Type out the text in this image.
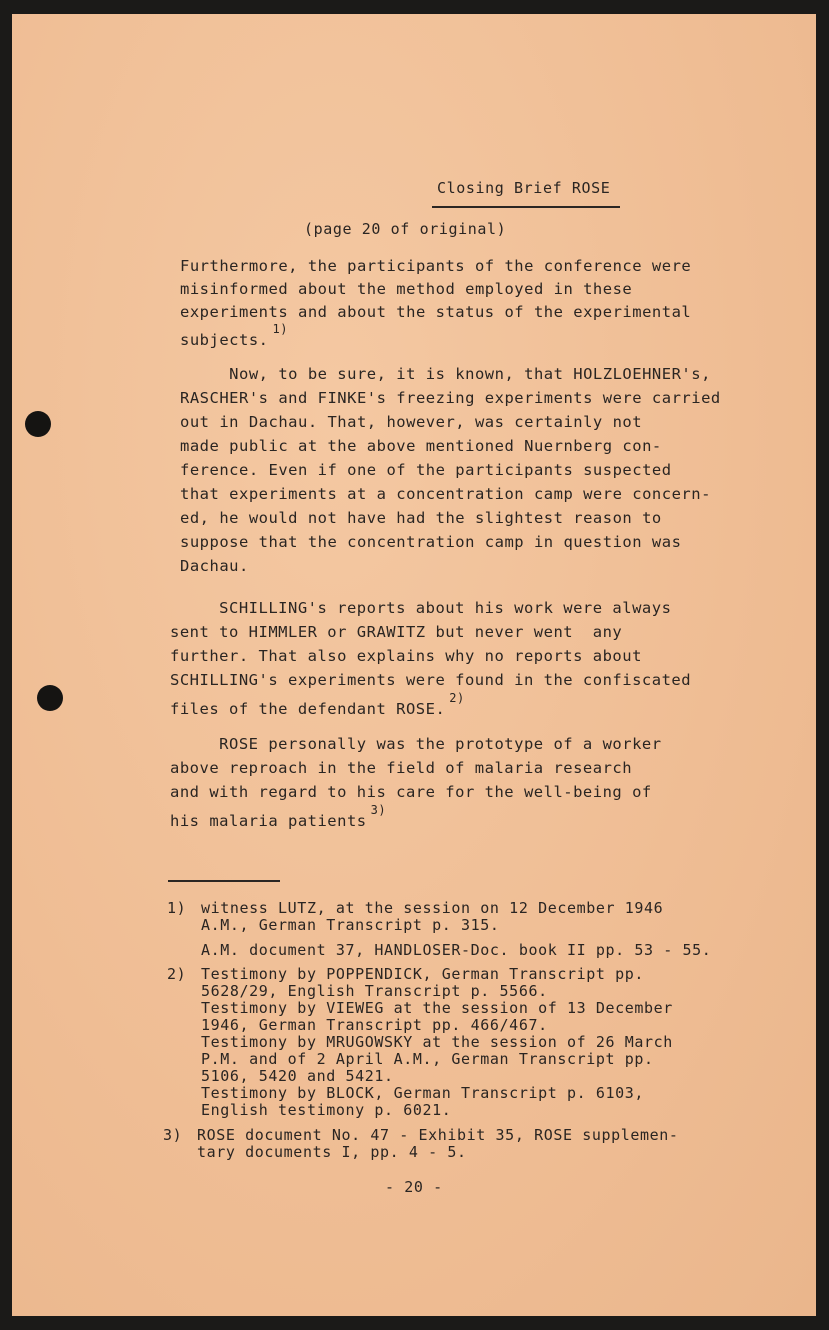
Closing Brief ROSE
(page 20 of original)
Furthermore, the participants of the conference were
misinformed about the method employed in these
experiments and about the status of the experimental
subjects.$^{1)}$
Now, to be sure, it is known, that HOLZLOEHNER's,
RASCHER's and FINKE's freezing experiments were carried
out in Dachau. That, however, was certainly not
made public at the above mentioned Nuernberg con-
ference. Even if one of the participants suspected
that experiments at a concentration camp were concern-
ed, he would not have had the slightest reason to
suppose that the concentration camp in question was
Dachau.
SCHILLING's reports about his work were always
sent to HIMMLER or GRAWITZ but never went  any
further. That also explains why no reports about
SCHILLING's experiments were found in the confiscated
files of the defendant ROSE.$^{2)}$
ROSE personally was the prototype of a worker
above reproach in the field of malaria research
and with regard to his care for the well-being of
his malaria patients$^{3)}$
1) witness LUTZ, at the session on 12 December 1946
A.M., German Transcript p. 315.
A.M. document 37, HANDLOSER-Doc. book II pp. 53 - 55.
2) Testimony by POPPENDICK, German Transcript pp.
5628/29, English Transcript p. 5566.
Testimony by VIEWEG at the session of 13 December
1946, German Transcript pp. 466/467.
Testimony by MRUGOWSKY at the session of 26 March
P.M. and of 2 April A.M., German Transcript pp.
5106, 5420 and 5421.
Testimony by BLOCK, German Transcript p. 6103,
English testimony p. 6021.
3) ROSE document No. 47 - Exhibit 35, ROSE supplemen-
tary documents I, pp. 4 - 5.
- 20 -
